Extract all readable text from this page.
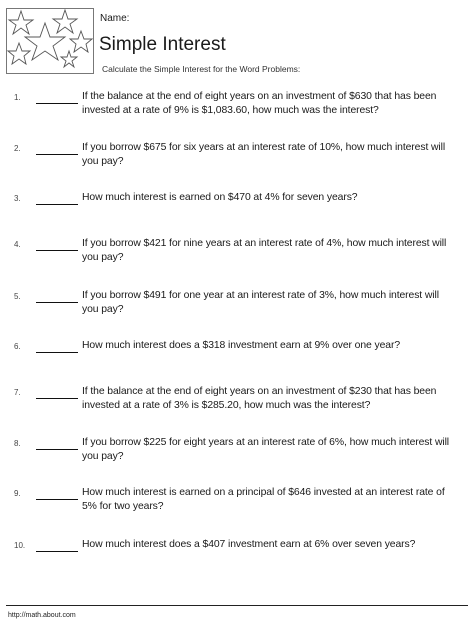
Name:
Simple Interest
Calculate the Simple Interest for the Word Problems:
1.	If the balance at the end of eight years on an investment of $630 that has been invested at a rate of 9% is $1,083.60, how much was the interest?
2.	If you borrow $675 for six years at an interest rate of 10%, how much interest will you pay?
3.	How much interest is earned on $470 at 4% for seven years?
4.	If you borrow $421 for nine years at an interest rate of 4%, how much interest will you pay?
5.	If you borrow $491 for one year at an interest rate of 3%, how much interest will you pay?
6.	How much interest does a $318 investment earn at 9% over one year?
7.	If the balance at the end of eight years on an investment of $230 that has been invested at a rate of 3% is $285.20, how much was the interest?
8.	If you borrow $225 for eight years at an interest rate of 6%, how much interest will you pay?
9.	How much interest is earned on a principal of $646 invested at an interest rate of 5% for two years?
10.	How much interest does a $407 investment earn at 6% over seven years?
http://math.about.com
